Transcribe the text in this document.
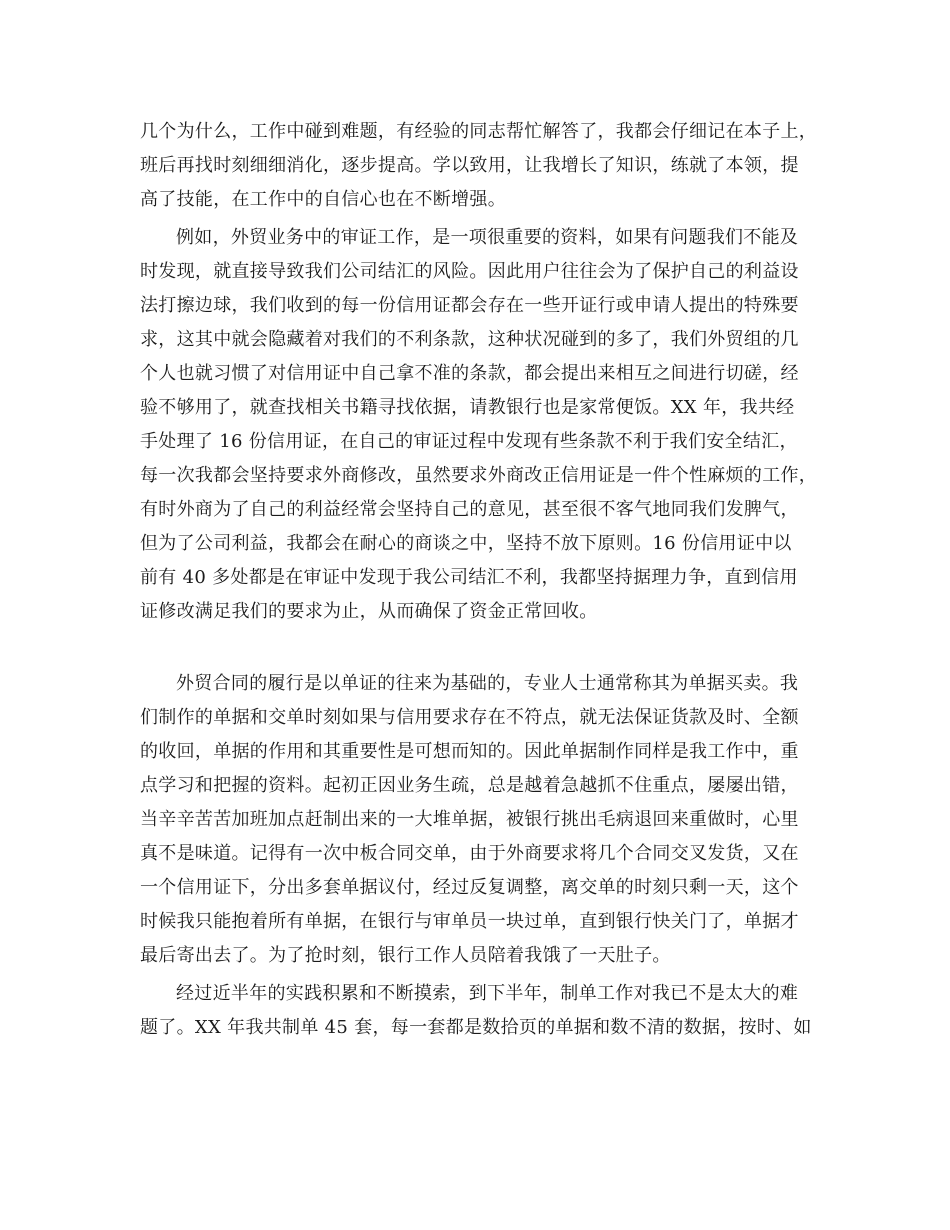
几个为什么，工作中碰到难题，有经验的同志帮忙解答了，我都会仔细记在本子上，
班后再找时刻细细消化，逐步提高。学以致用，让我增长了知识，练就了本领，提
高了技能，在工作中的自信心也在不断增强。
例如，外贸业务中的审证工作，是一项很重要的资料，如果有问题我们不能及
时发现，就直接导致我们公司结汇的风险。因此用户往往会为了保护自己的利益设
法打擦边球，我们收到的每一份信用证都会存在一些开证行或申请人提出的特殊要
求，这其中就会隐藏着对我们的不利条款，这种状况碰到的多了，我们外贸组的几
个人也就习惯了对信用证中自己拿不准的条款，都会提出来相互之间进行切磋，经
验不够用了，就查找相关书籍寻找依据，请教银行也是家常便饭。XX 年，我共经
手处理了 16 份信用证，在自己的审证过程中发现有些条款不利于我们安全结汇，
每一次我都会坚持要求外商修改，虽然要求外商改正信用证是一件个性麻烦的工作，
有时外商为了自己的利益经常会坚持自己的意见，甚至很不客气地同我们发脾气，
但为了公司利益，我都会在耐心的商谈之中，坚持不放下原则。16 份信用证中以
前有 40 多处都是在审证中发现于我公司结汇不利，我都坚持据理力争，直到信用
证修改满足我们的要求为止，从而确保了资金正常回收。
外贸合同的履行是以单证的往来为基础的，专业人士通常称其为单据买卖。我
们制作的单据和交单时刻如果与信用要求存在不符点，就无法保证货款及时、全额
的收回，单据的作用和其重要性是可想而知的。因此单据制作同样是我工作中，重
点学习和把握的资料。起初正因业务生疏，总是越着急越抓不住重点，屡屡出错，
当辛辛苦苦加班加点赶制出来的一大堆单据，被银行挑出毛病退回来重做时，心里
真不是味道。记得有一次中板合同交单，由于外商要求将几个合同交叉发货，又在
一个信用证下，分出多套单据议付，经过反复调整，离交单的时刻只剩一天，这个
时候我只能抱着所有单据，在银行与审单员一块过单，直到银行快关门了，单据才
最后寄出去了。为了抢时刻，银行工作人员陪着我饿了一天肚子。
经过近半年的实践积累和不断摸索，到下半年，制单工作对我已不是太大的难
题了。XX 年我共制单 45 套，每一套都是数拾页的单据和数不清的数据，按时、如
